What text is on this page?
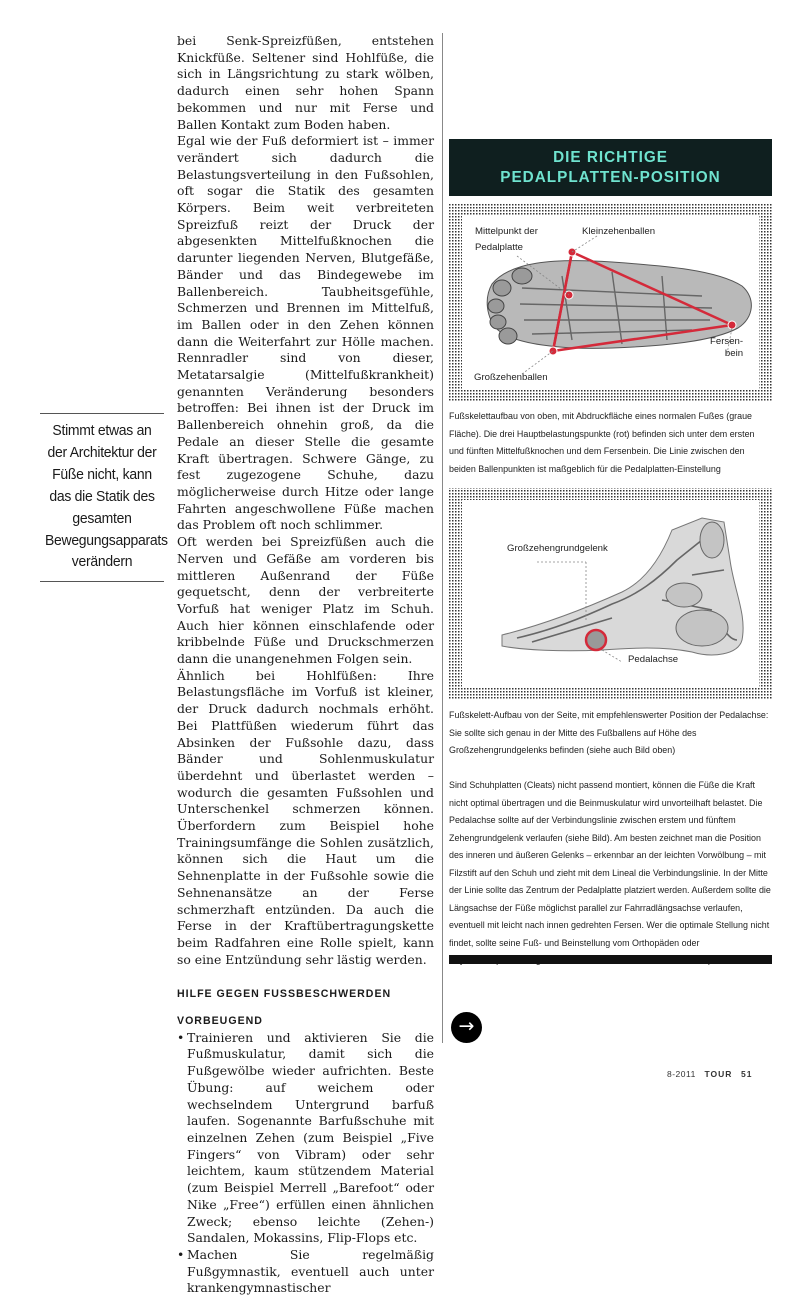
Stimmt etwas an der Architektur der Füße nicht, kann das die Statik des gesamten Bewegungsapparats verändern

bei Senk-Spreizfüßen, entstehen Knickfüße. Seltener sind Hohlfüße, die sich in Längsrichtung zu stark wölben, dadurch einen sehr hohen Spann bekommen und nur mit Ferse und Ballen Kontakt zum Boden haben.

Egal wie der Fuß deformiert ist – immer verändert sich dadurch die Belastungsverteilung in den Fußsohlen, oft sogar die Statik des gesamten Körpers. Beim weit verbreiteten Spreizfuß reizt der Druck der abgesenkten Mittelfußknochen die darunter liegenden Nerven, Blutgefäße, Bänder und das Bindegewebe im Ballenbereich. Taubheitsgefühle, Schmerzen und Brennen im Mittelfuß, im Ballen oder in den Zehen können dann die Weiterfahrt zur Hölle machen. Rennradler sind von dieser, Metatarsalgie (Mittelfußkrankheit) genannten Veränderung besonders betroffen: Bei ihnen ist der Druck im Ballenbereich ohnehin groß, da die Pedale an dieser Stelle die gesamte Kraft übertragen. Schwere Gänge, zu fest zugezogene Schuhe, dazu möglicherweise durch Hitze oder lange Fahrten angeschwollene Füße machen das Problem oft noch schlimmer.

Oft werden bei Spreizfüßen auch die Nerven und Gefäße am vorderen bis mittleren Außenrand der Füße gequetscht, denn der verbreiterte Vorfuß hat weniger Platz im Schuh. Auch hier können einschlafende oder kribbelnde Füße und Druckschmerzen dann die unangenehmen Folgen sein.

Ähnlich bei Hohlfüßen: Ihre Belastungsfläche im Vorfuß ist kleiner, der Druck dadurch nochmals erhöht. Bei Plattfüßen wiederum führt das Absinken der Fußsohle dazu, dass Bänder und Sohlenmuskulatur überdehnt und überlastet werden – wodurch die gesamten Fußsohlen und Unterschenkel schmerzen können. Überfordern zum Beispiel hohe Trainingsumfänge die Sohlen zusätzlich, können sich die Haut um die Sehnenplatte in der Fußsohle sowie die Sehnenansätze an der Ferse schmerzhaft entzünden. Da auch die Ferse in der Kraftübertragungskette beim Radfahren eine Rolle spielt, kann so eine Entzündung sehr lästig werden.

HILFE GEGEN FUSSBESCHWERDEN
VORBEUGEND
• Trainieren und aktivieren Sie die Fußmuskulatur, damit sich die Fußgewölbe wieder aufrichten. Beste Übung: auf weichem oder wechselndem Untergrund barfuß laufen. Sogenannte Barfußschuhe mit einzelnen Zehen (zum Beispiel „Five Fingers“ von Vibram) oder sehr leichtem, kaum stützendem Material (zum Beispiel Merrell „Barefoot“ oder Nike „Free“) erfüllen einen ähnlichen Zweck; ebenso leichte (Zehen-) Sandalen, Mokassins, Flip-Flops etc.
• Machen Sie regelmäßig Fußgymnastik, eventuell auch unter krankengymnastischer
DIE RICHTIGE
PEDALPLATTEN-POSITION
Mittelpunkt der
Pedalplatte
Kleinzehenballen
Fersen-
bein
Großzehenballen
Fußskelettaufbau von oben, mit Abdruckfläche eines normalen Fußes (graue Fläche). Die drei Hauptbelastungspunkte (rot) befinden sich unter dem ersten und fünften Mittelfußknochen und dem Fersenbein. Die Linie zwischen den beiden Ballenpunkten ist maßgeblich für die Pedalplatten-Einstellung
Großzehengrundgelenk
Pedalachse
Fußskelett-Aufbau von der Seite, mit empfehlenswerter Position der Pedalachse: Sie sollte sich genau in der Mitte des Fußballens auf Höhe des Großzehengrundgelenks befinden (siehe auch Bild oben)

Sind Schuhplatten (Cleats) nicht passend montiert, können die Füße die Kraft nicht optimal übertragen und die Beinmuskulatur wird unvorteilhaft belastet. Die Pedalachse sollte auf der Verbindungslinie zwischen erstem und fünftem Zehengrundgelenk verlaufen (siehe Bild). Am besten zeichnet man die Position des inneren und äußeren Gelenks – erkennbar an der leichten Vorwölbung – mit Filzstift auf den Schuh und zieht mit dem Lineal die Verbindungslinie. In der Mitte der Linie sollte das Zentrum der Pedalplatte platziert werden. Außerdem sollte die Längsachse der Füße möglichst parallel zur Fahrradlängsachse verlaufen, eventuell mit leicht nach innen gedrehten Fersen. Wer die optimale Stellung nicht findet, sollte seine Fuß- und Beinstellung vom Orthopäden oder

→
8-2011 TOUR 51
